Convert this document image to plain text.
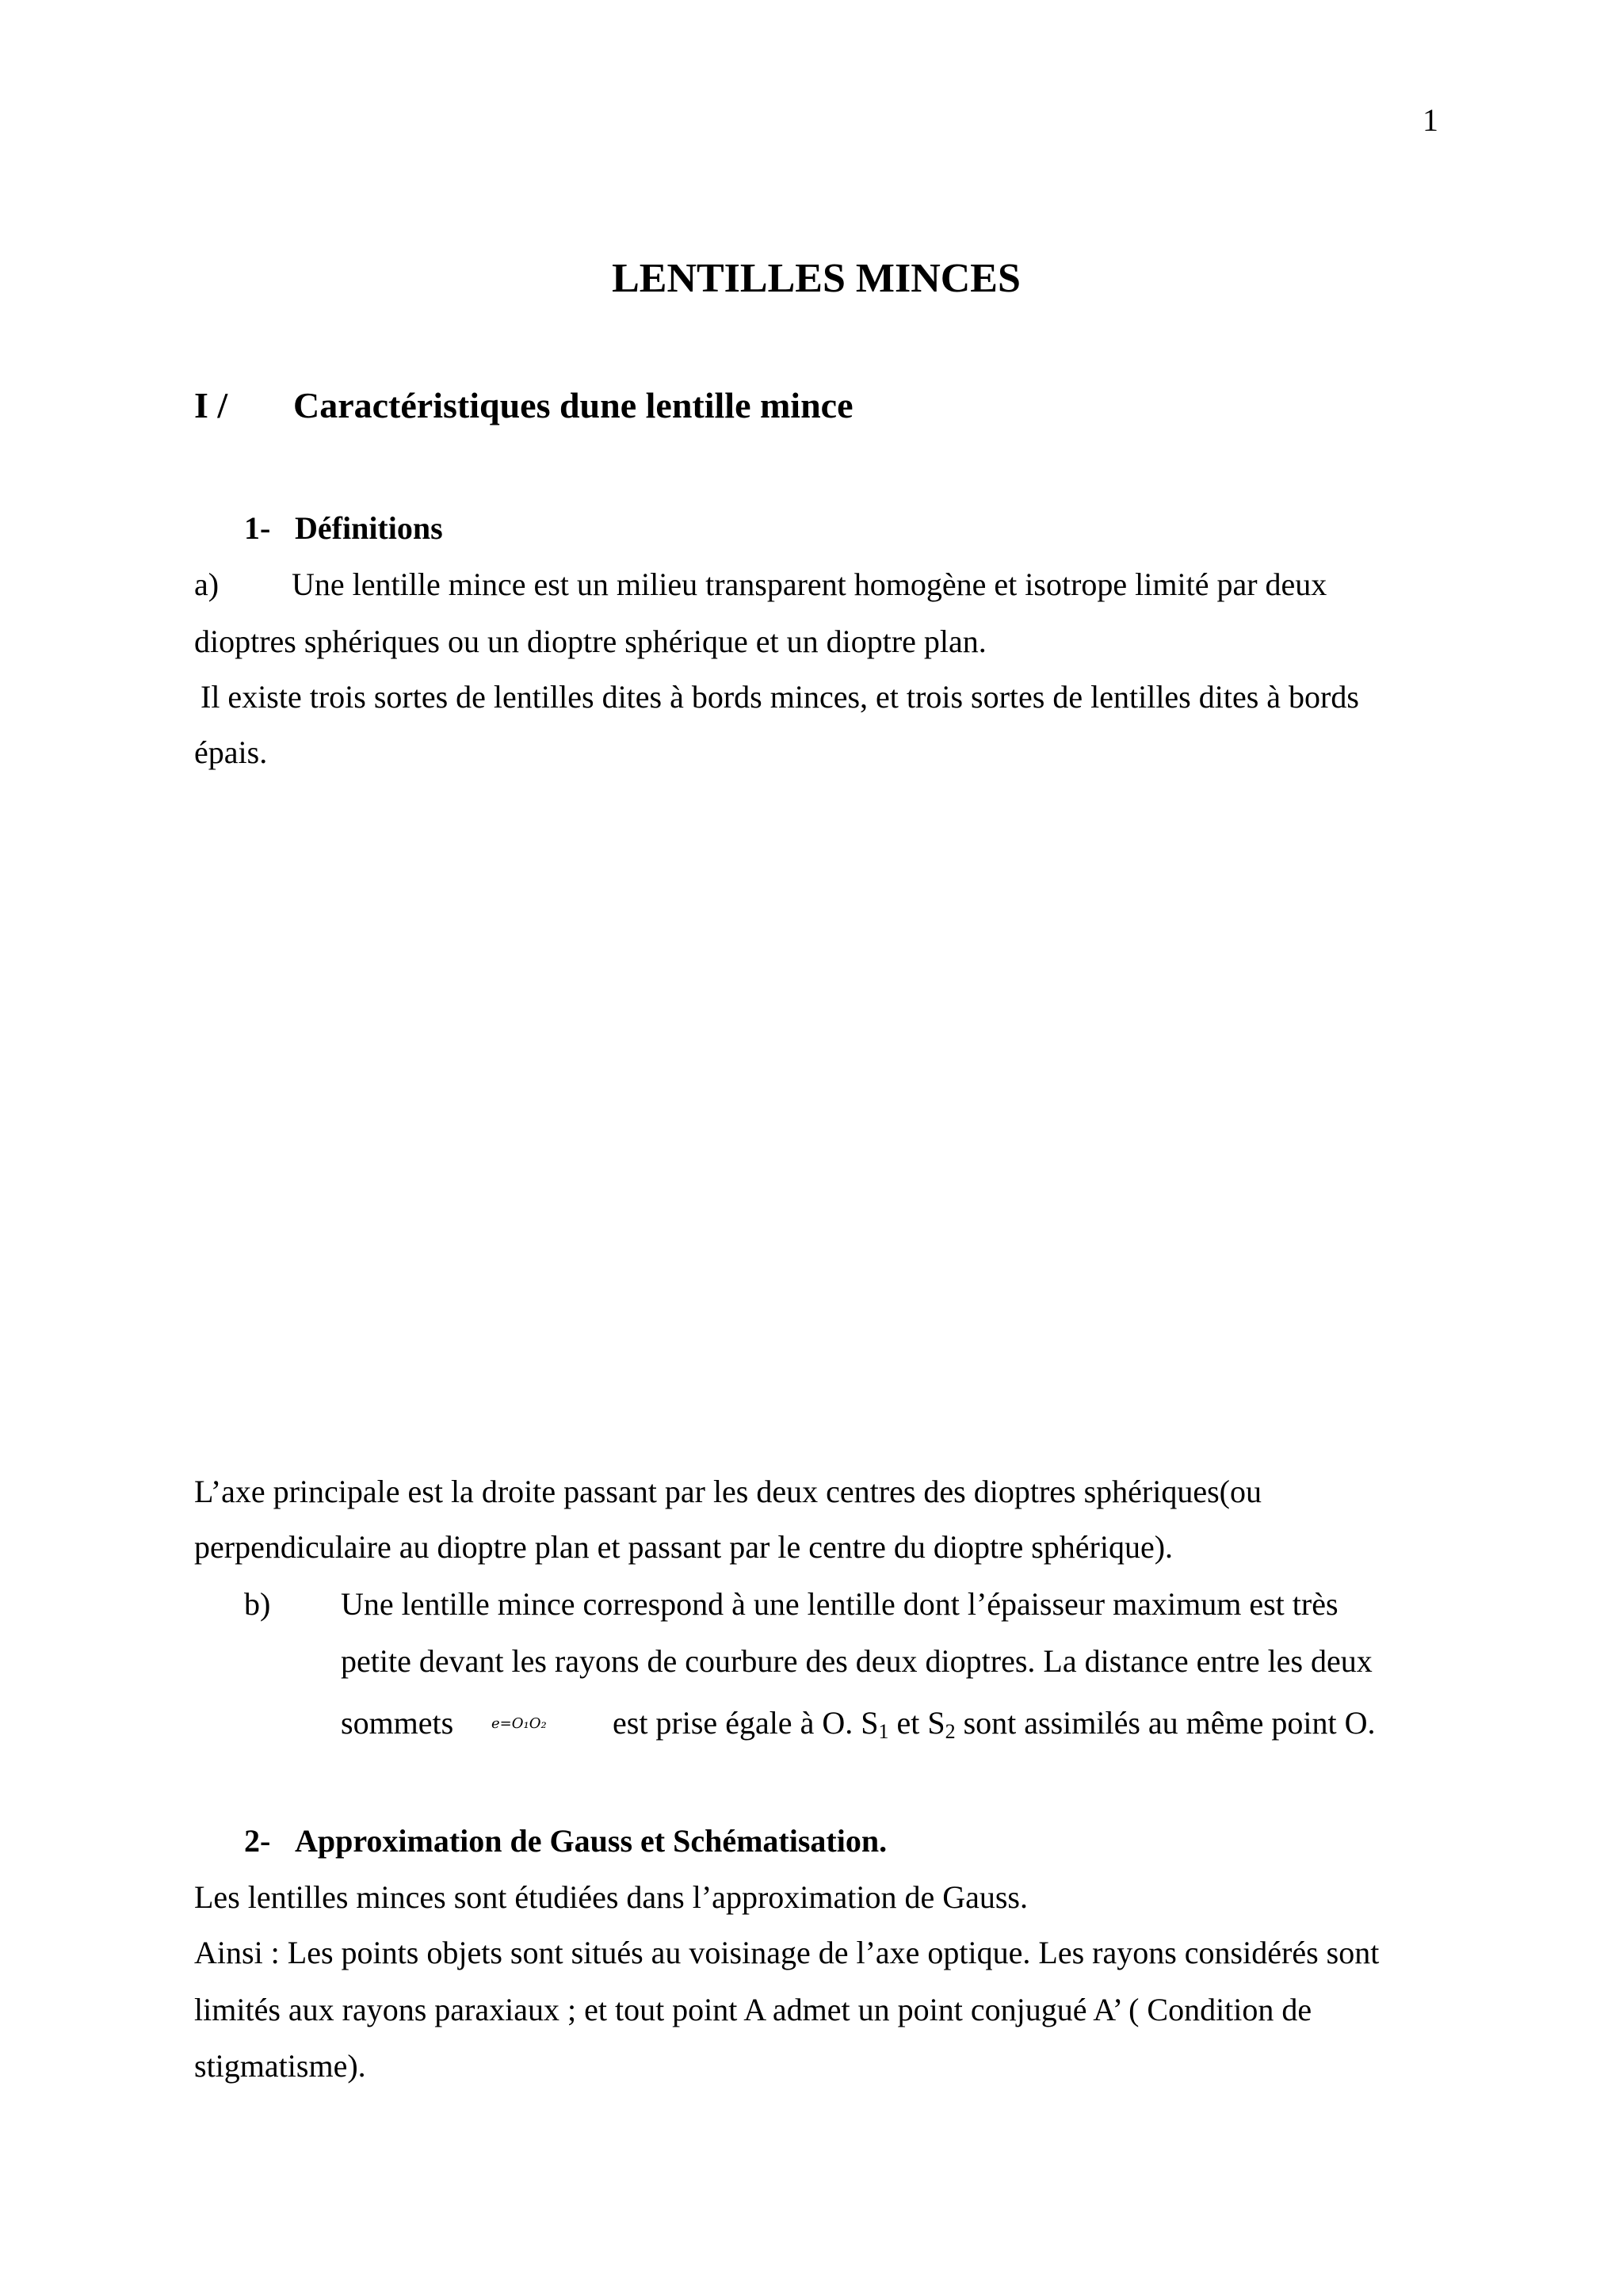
1
LENTILLES MINCES
I / Caractéristiques dune lentille mince
1- Définitions
a) Une lentille mince est un milieu transparent homogène et isotrope limité par deux
dioptres sphériques ou un dioptre sphérique et un dioptre plan.
Il existe trois sortes de lentilles dites à bords minces, et trois sortes de lentilles dites à bords
épais.
L’axe principale est la droite passant par les deux centres des dioptres sphériques(ou
perpendiculaire au dioptre plan et passant par le centre du dioptre sphérique).
b) Une lentille mince correspond à une lentille dont l’épaisseur maximum est très
petite devant les rayons de courbure des deux dioptres. La distance entre les deux
sommets	e=O₁O₂ est prise égale à O. $S_1$ et $S_2$ sont assimilés au même point O.
2- Approximation de Gauss et Schématisation.
Les lentilles minces sont étudiées dans l’approximation de Gauss.
Ainsi : Les points objets sont situés au voisinage de l’axe optique. Les rayons considérés sont
limités aux rayons paraxiaux ; et tout point A admet un point conjugué A’ ( Condition de
stigmatisme).
